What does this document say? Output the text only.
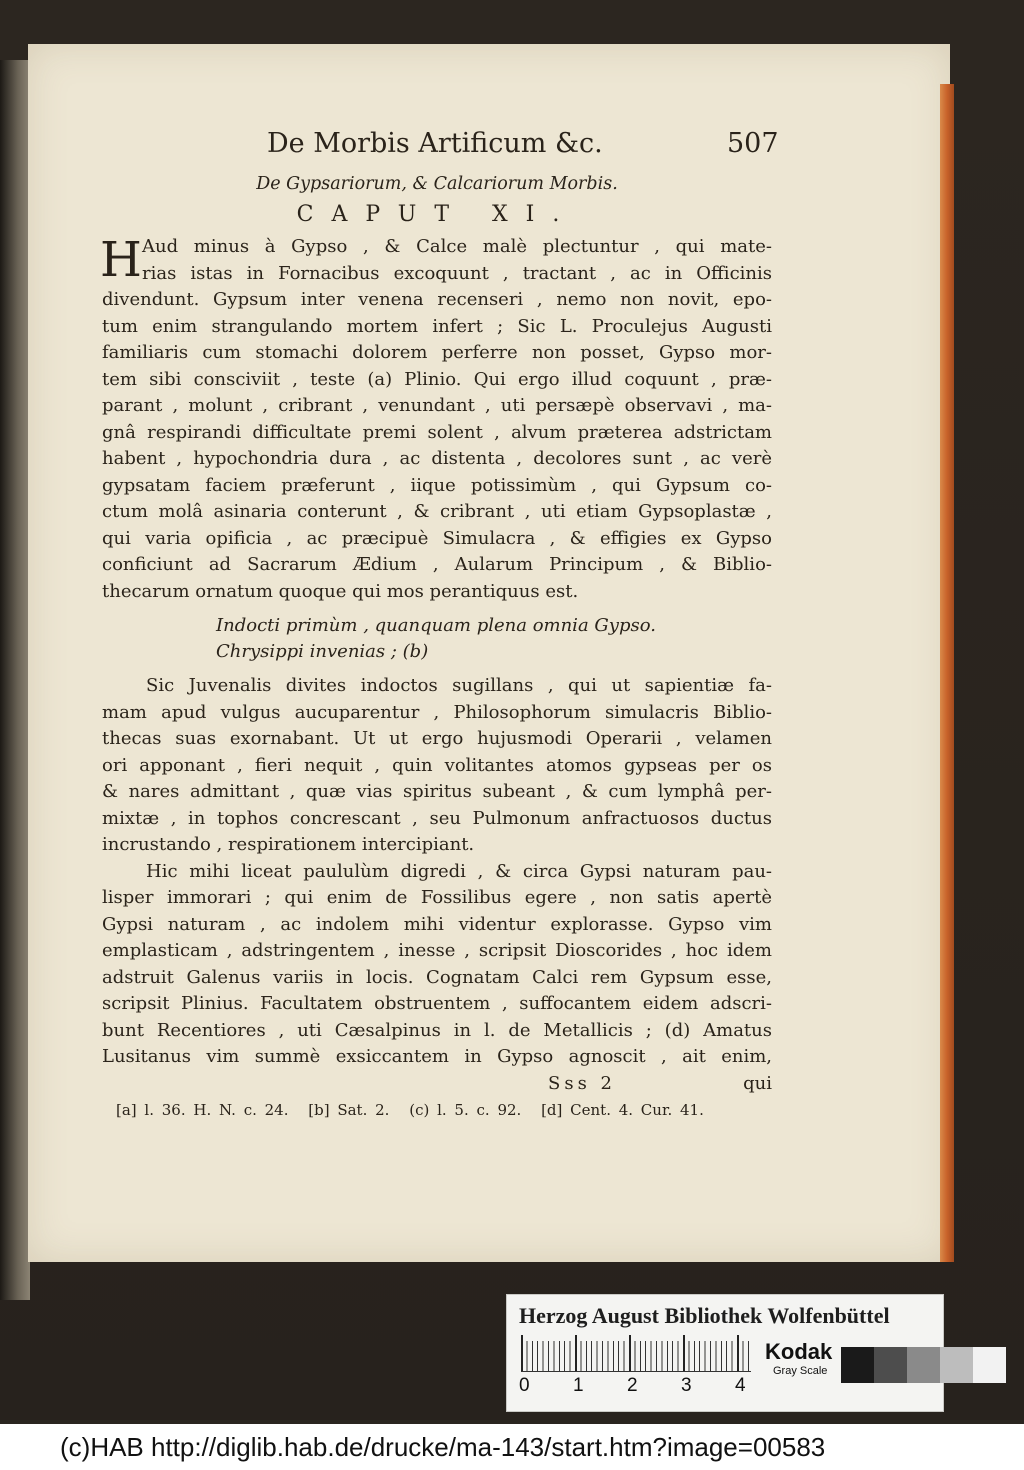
De Morbis Artificum &c.	507
De Gypsariorum, & Calcariorum Morbis.
CAPUT XI.
H Aud minus à Gypso , & Calce malè plectuntur , qui mate-
rias istas in Fornacibus excoquunt , tractant , ac in Officinis
divendunt. Gypsum inter venena recenseri , nemo non novit, epo-
tum enim strangulando mortem infert ; Sic L. Proculejus Augusti
familiaris cum stomachi dolorem perferre non posset, Gypso mor-
tem sibi consciviit , teste (a) Plinio. Qui ergo illud coquunt , præ-
parant , molunt , cribrant , venundant , uti persæpè observavi , ma-
gnâ respirandi difficultate premi solent , alvum præterea adstrictam
habent , hypochondria dura , ac distenta , decolores sunt , ac verè
gypsatam faciem præferunt , iique potissimùm , qui Gypsum co-
ctum molâ asinaria conterunt , & cribrant , uti etiam Gypsoplastæ ,
qui varia opificia , ac præcipuè Simulacra , & effigies ex Gypso
conficiunt ad Sacrarum Ædium , Aularum Principum , & Biblio-
thecarum ornatum quoque qui mos perantiquus est.
Indocti primùm , quanquam plena omnia Gypso.
Chrysippi invenias ; (b)
Sic Juvenalis divites indoctos sugillans , qui ut sapientiæ fa-
mam apud vulgus aucuparentur , Philosophorum simulacris Biblio-
thecas suas exornabant. Ut ut ergo hujusmodi Operarii , velamen
ori apponant , fieri nequit , quin volitantes atomos gypseas per os
& nares admittant , quæ vias spiritus subeant , & cum lymphâ per-
mixtæ , in tophos concrescant , seu Pulmonum anfractuosos ductus
incrustando , respirationem intercipiant.
Hic mihi liceat paululùm digredi , & circa Gypsi naturam pau-
lisper immorari ; qui enim de Fossilibus egere , non satis apertè
Gypsi naturam , ac indolem mihi videntur explorasse. Gypso vim
emplasticam , adstringentem , inesse , scripsit Dioscorides , hoc idem
adstruit Galenus variis in locis. Cognatam Calci rem Gypsum esse,
scripsit Plinius. Facultatem obstruentem , suffocantem eidem adscri-
bunt Recentiores , uti Cæsalpinus in l. de Metallicis ; (d) Amatus
Lusitanus vim summè exsiccantem in Gypso agnoscit , ait enim,
Sss 2	qui
[a] l. 36. H. N. c. 24. [b] Sat. 2. (c) l. 5. c. 92. [d] Cent. 4. Cur. 41.
Herzog August Bibliothek Wolfenbüttel
0 1 2 3 4
Kodak
Gray Scale
(c)HAB http://diglib.hab.de/drucke/ma-143/start.htm?image=00583
